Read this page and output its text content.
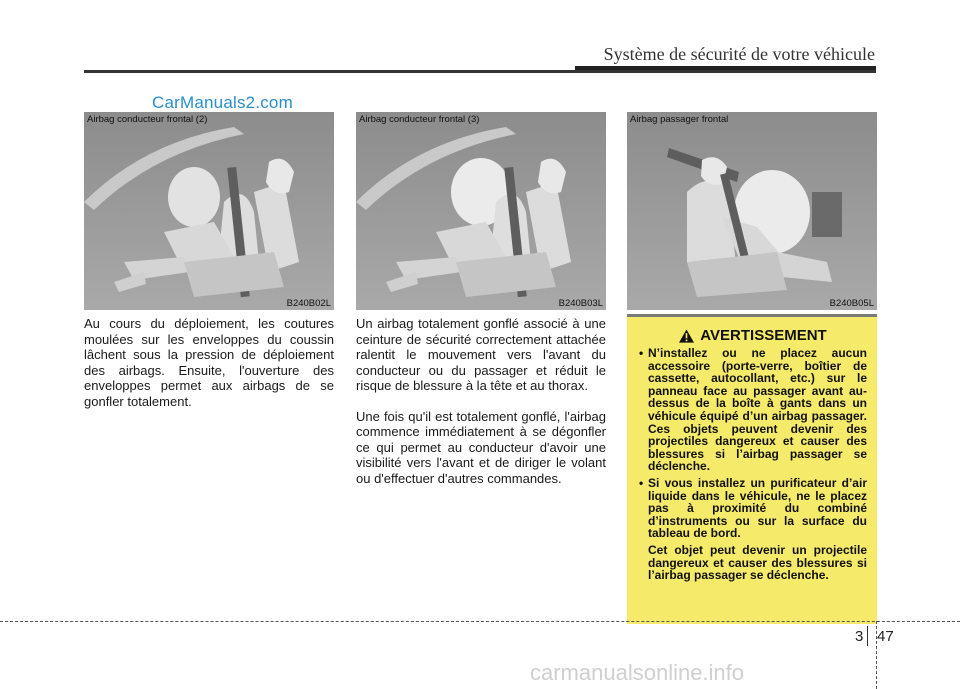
Système de sécurité de votre véhicule
CarManuals2.com
Airbag conducteur frontal (2)
B240B02L
Airbag conducteur frontal (3)
B240B03L
Airbag passager frontal
B240B05L

Au cours du déploiement, les coutures moulées sur les enveloppes du coussin lâchent sous la pression de déploiement des airbags. Ensuite, l'ouverture des enveloppes permet aux airbags de se gonfler totalement.

Un airbag totalement gonflé associé à une ceinture de sécurité correctement attachée ralentit le mouvement vers l'avant du conducteur ou du passager et réduit le risque de blessure à la tête et au thorax.

Une fois qu'il est totalement gonflé, l'airbag commence immédiatement à se dégonfler ce qui permet au conducteur d'avoir une visibilité vers l'avant et de diriger le volant ou d'effectuer d'autres commandes.

AVERTISSEMENT
• N’installez ou ne placez aucun accessoire (porte-verre, boîtier de cassette, autocollant, etc.) sur le panneau face au passager avant au-dessus de la boîte à gants dans un véhicule équipé d’un airbag passager. Ces objets peuvent devenir des projectiles dangereux et causer des blessures si l’airbag passager se déclenche.
• Si vous installez un purificateur d’air liquide dans le véhicule, ne le placez pas à proximité du combiné d’instruments ou sur la surface du tableau de bord.
Cet objet peut devenir un projectile dangereux et causer des blessures si l’airbag passager se déclenche.
3 47
carmanualsonline.info
